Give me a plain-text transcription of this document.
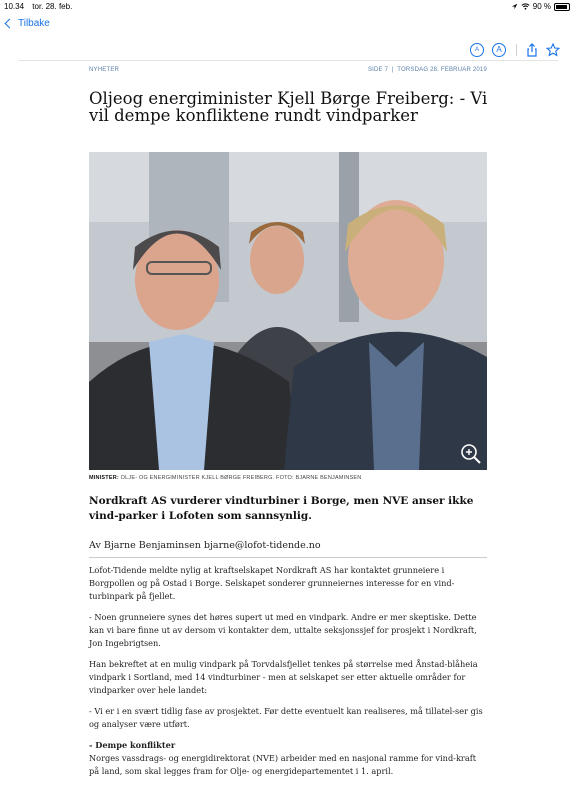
10.34 tor. 28. feb.	90 %
Tilbake
A	A
NYHETER	SIDE 7  |  TORSDAG 28. FEBRUAR 2019
Oljeog energiminister Kjell Børge Freiberg: - Vi vil dempe konfliktene rundt vindparker
MINISTER: OLJE- OG ENERGIMINISTER KJELL BØRGE FREIBERG. FOTO: BJARNE BENJAMINSEN

Nordkraft AS vurderer vindturbiner i Borge, men NVE anser ikke vind-parker i Lofoten som sannsynlig.

Av Bjarne Benjaminsen bjarne@lofot-tidende.no

Lofot-Tidende meldte nylig at kraftselskapet Nordkraft AS har kontaktet grunneiere i Borgpollen og på Ostad i Borge. Selskapet sonderer grunneiernes interesse for en vind-turbinpark på fjellet.

- Noen grunneiere synes det høres supert ut med en vindpark. Andre er mer skeptiske. Dette kan vi bare finne ut av dersom vi kontakter dem, uttalte seksjonssjef for prosjekt i Nordkraft, Jon Ingebrigtsen.

Han bekreftet at en mulig vindpark på Torvdalsfjellet tenkes på størrelse med Ånstad-blåheia vindpark i Sortland, med 14 vindturbiner - men at selskapet ser etter aktuelle områder for vindparker over hele landet:

- Vi er i en svært tidlig fase av prosjektet. Før dette eventuelt kan realiseres, må tillatel-ser gis og analyser være utført.

- Dempe konflikter

Norges vassdrags- og energidirektorat (NVE) arbeider med en nasjonal ramme for vind-kraft på land, som skal legges fram for Olje- og energidepartementet i 1. april.
